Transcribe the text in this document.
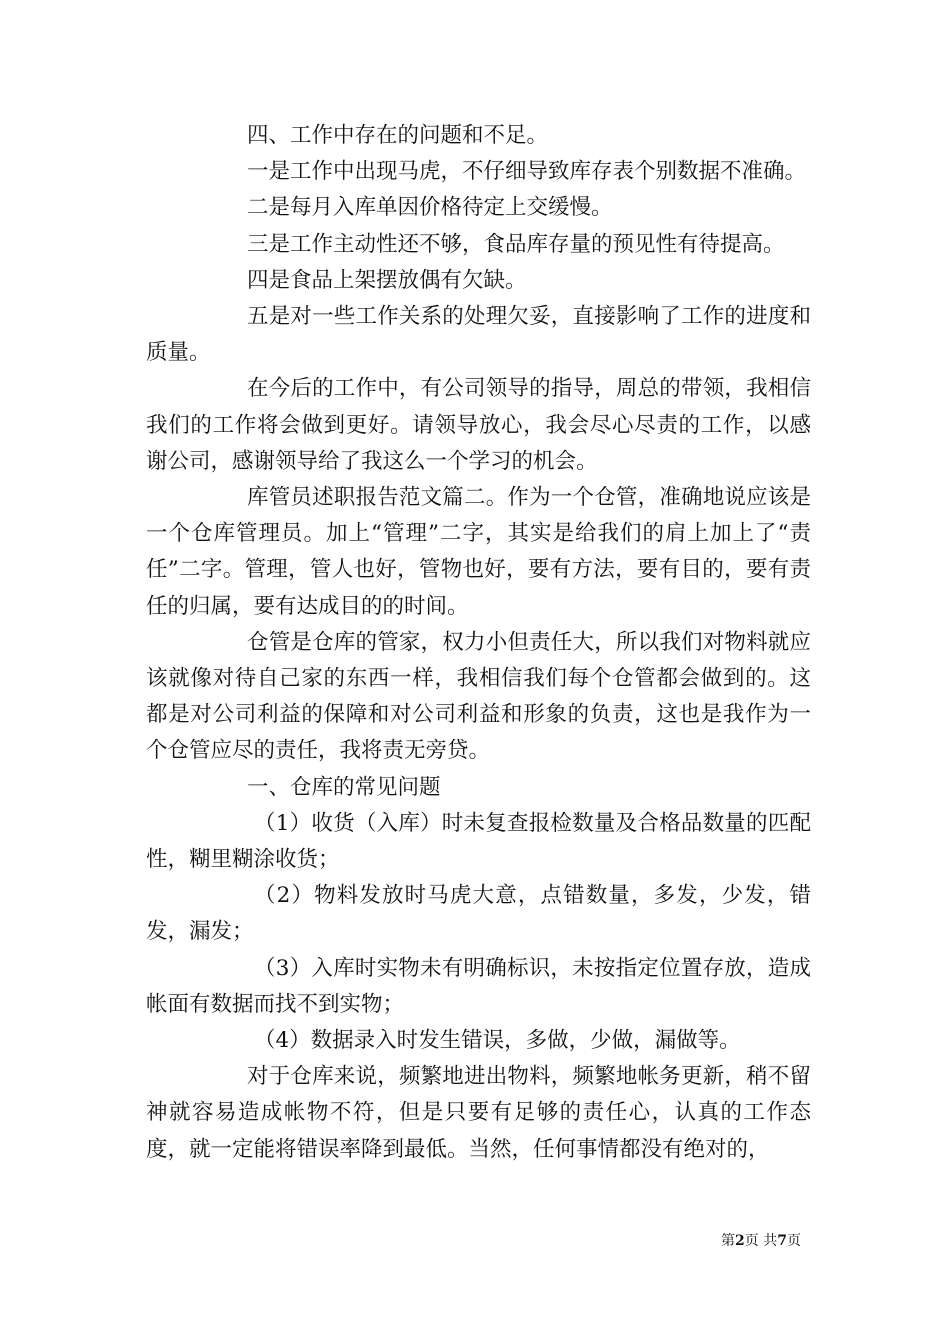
四、工作中存在的问题和不足。

一是工作中出现马虎，不仔细导致库存表个别数据不准确。

二是每月入库单因价格待定上交缓慢。

三是工作主动性还不够，食品库存量的预见性有待提高。

四是食品上架摆放偶有欠缺。

五是对一些工作关系的处理欠妥，直接影响了工作的进度和质量。

在今后的工作中，有公司领导的指导，周总的带领，我相信我们的工作将会做到更好。请领导放心，我会尽心尽责的工作，以感谢公司，感谢领导给了我这么一个学习的机会。

库管员述职报告范文篇二。作为一个仓管，准确地说应该是一个仓库管理员。加上“管理”二字，其实是给我们的肩上加上了“责任”二字。管理，管人也好，管物也好，要有方法，要有目的，要有责任的归属，要有达成目的的时间。

仓管是仓库的管家，权力小但责任大，所以我们对物料就应该就像对待自己家的东西一样，我相信我们每个仓管都会做到的。这都是对公司利益的保障和对公司利益和形象的负责，这也是我作为一个仓管应尽的责任，我将责无旁贷。

一、仓库的常见问题

（1）收货（入库）时未复查报检数量及合格品数量的匹配性，糊里糊涂收货；

（2）物料发放时马虎大意，点错数量，多发，少发，错发，漏发；

（3）入库时实物未有明确标识，未按指定位置存放，造成帐面有数据而找不到实物；

（4）数据录入时发生错误，多做，少做，漏做等。

对于仓库来说，频繁地进出物料，频繁地帐务更新，稍不留神就容易造成帐物不符，但是只要有足够的责任心，认真的工作态度，就一定能将错误率降到最低。当然，任何事情都没有绝对的，

第2页 共7页
